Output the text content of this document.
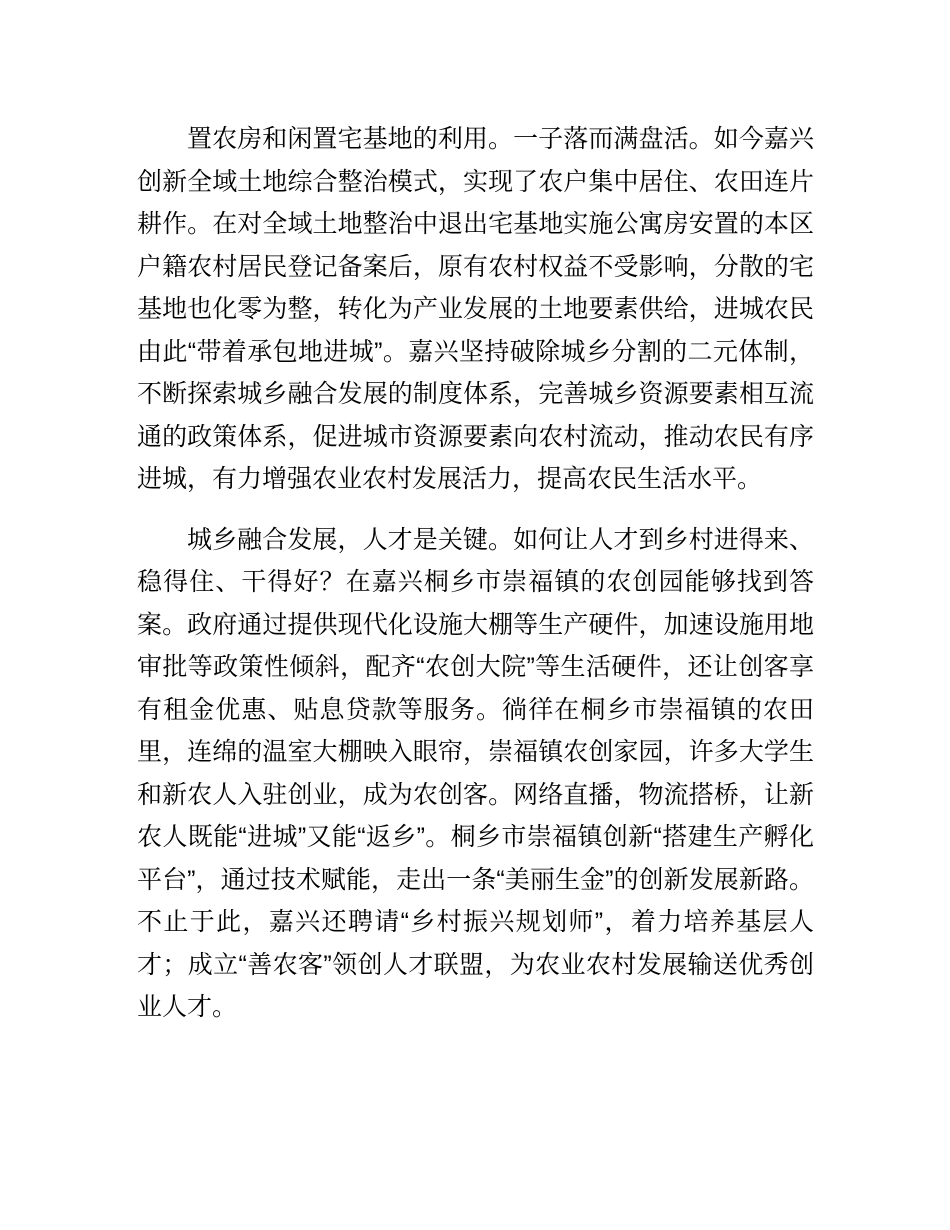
置农房和闲置宅基地的利用。一子落而满盘活。如今嘉兴创新全域土地综合整治模式，实现了农户集中居住、农田连片耕作。在对全域土地整治中退出宅基地实施公寓房安置的本区户籍农村居民登记备案后，原有农村权益不受影响，分散的宅基地也化零为整，转化为产业发展的土地要素供给，进城农民由此“带着承包地进城”。嘉兴坚持破除城乡分割的二元体制，不断探索城乡融合发展的制度体系，完善城乡资源要素相互流通的政策体系，促进城市资源要素向农村流动，推动农民有序进城，有力增强农业农村发展活力，提高农民生活水平。

城乡融合发展，人才是关键。如何让人才到乡村进得来、稳得住、干得好？在嘉兴桐乡市崇福镇的农创园能够找到答案。政府通过提供现代化设施大棚等生产硬件，加速设施用地审批等政策性倾斜，配齐“农创大院”等生活硬件，还让创客享有租金优惠、贴息贷款等服务。徜徉在桐乡市崇福镇的农田里，连绵的温室大棚映入眼帘，崇福镇农创家园，许多大学生和新农人入驻创业，成为农创客。网络直播，物流搭桥，让新农人既能“进城”又能“返乡”。桐乡市崇福镇创新“搭建生产孵化平台”，通过技术赋能，走出一条“美丽生金”的创新发展新路。不止于此，嘉兴还聘请“乡村振兴规划师”，着力培养基层人才；成立“善农客”领创人才联盟，为农业农村发展输送优秀创业人才。
